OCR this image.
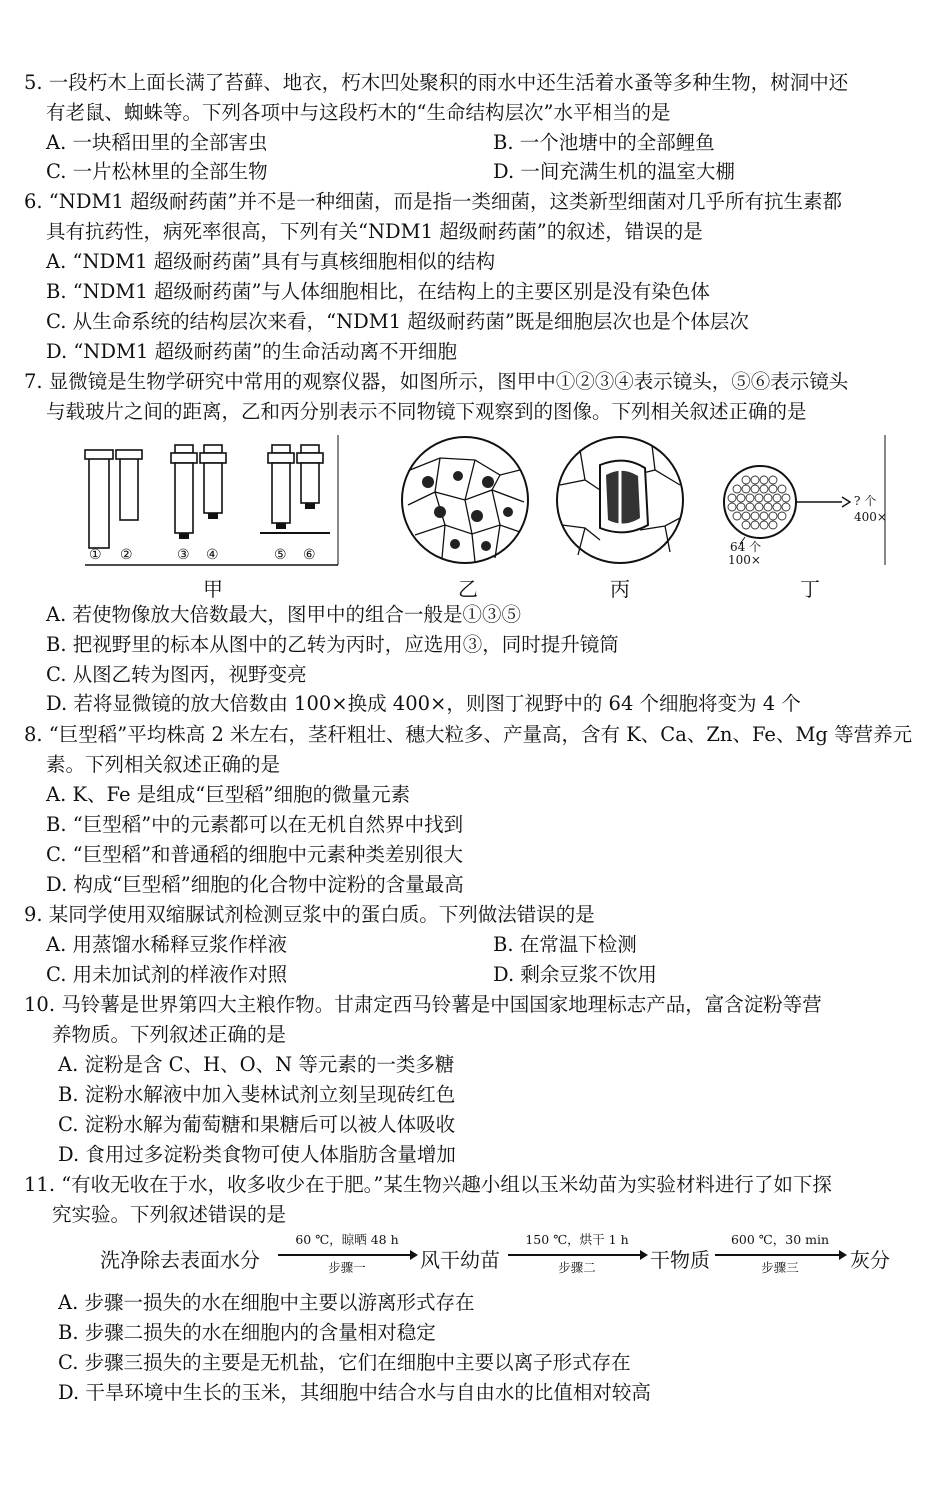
5. 一段朽木上面长满了苔藓、地衣，朽木凹处聚积的雨水中还生活着水蚤等多种生物，树洞中还
有老鼠、蜘蛛等。下列各项中与这段朽木的“生命结构层次”水平相当的是
A. 一块稻田里的全部害虫	B. 一个池塘中的全部鲤鱼
C. 一片松林里的全部生物	D. 一间充满生机的温室大棚
6. “NDM1 超级耐药菌”并不是一种细菌，而是指一类细菌，这类新型细菌对几乎所有抗生素都
具有抗药性，病死率很高，下列有关“NDM1 超级耐药菌”的叙述，错误的是
A. “NDM1 超级耐药菌”具有与真核细胞相似的结构
B. “NDM1 超级耐药菌”与人体细胞相比，在结构上的主要区别是没有染色体
C. 从生命系统的结构层次来看，“NDM1 超级耐药菌”既是细胞层次也是个体层次
D. “NDM1 超级耐药菌”的生命活动离不开细胞
7. 显微镜是生物学研究中常用的观察仪器，如图所示，图甲中①②③④表示镜头，⑤⑥表示镜头
与载玻片之间的距离，乙和丙分别表示不同物镜下观察到的图像。下列相关叙述正确的是
① ②	③ ④	⑤ ⑥
? 个
400×
64 个
100×
甲	乙	丙	丁
A. 若使物像放大倍数最大，图甲中的组合一般是①③⑤
B. 把视野里的标本从图中的乙转为丙时，应选用③，同时提升镜筒
C. 从图乙转为图丙，视野变亮
D. 若将显微镜的放大倍数由 100×换成 400×，则图丁视野中的 64 个细胞将变为 4 个
8. “巨型稻”平均株高 2 米左右，茎秆粗壮、穗大粒多、产量高，含有 K、Ca、Zn、Fe、Mg 等营养元
素。下列相关叙述正确的是
A. K、Fe 是组成“巨型稻”细胞的微量元素
B. “巨型稻”中的元素都可以在无机自然界中找到
C. “巨型稻”和普通稻的细胞中元素种类差别很大
D. 构成“巨型稻”细胞的化合物中淀粉的含量最高
9. 某同学使用双缩脲试剂检测豆浆中的蛋白质。下列做法错误的是
A. 用蒸馏水稀释豆浆作样液	B. 在常温下检测
C. 用未加试剂的样液作对照	D. 剩余豆浆不饮用
10. 马铃薯是世界第四大主粮作物。甘肃定西马铃薯是中国国家地理标志产品，富含淀粉等营
养物质。下列叙述正确的是
A. 淀粉是含 C、H、O、N 等元素的一类多糖
B. 淀粉水解液中加入斐林试剂立刻呈现砖红色
C. 淀粉水解为葡萄糖和果糖后可以被人体吸收
D. 食用过多淀粉类食物可使人体脂肪含量增加
11. “有收无收在于水，收多收少在于肥。”某生物兴趣小组以玉米幼苗为实验材料进行了如下探
究实验。下列叙述错误的是
洗净除去表面水分
60 ℃，晾晒 48 h
步骤一	风干幼苗
150 ℃，烘干 1 h
步骤二	干物质
600 ℃，30 min
步骤三	灰分
A. 步骤一损失的水在细胞中主要以游离形式存在
B. 步骤二损失的水在细胞内的含量相对稳定
C. 步骤三损失的主要是无机盐，它们在细胞中主要以离子形式存在
D. 干旱环境中生长的玉米，其细胞中结合水与自由水的比值相对较高
